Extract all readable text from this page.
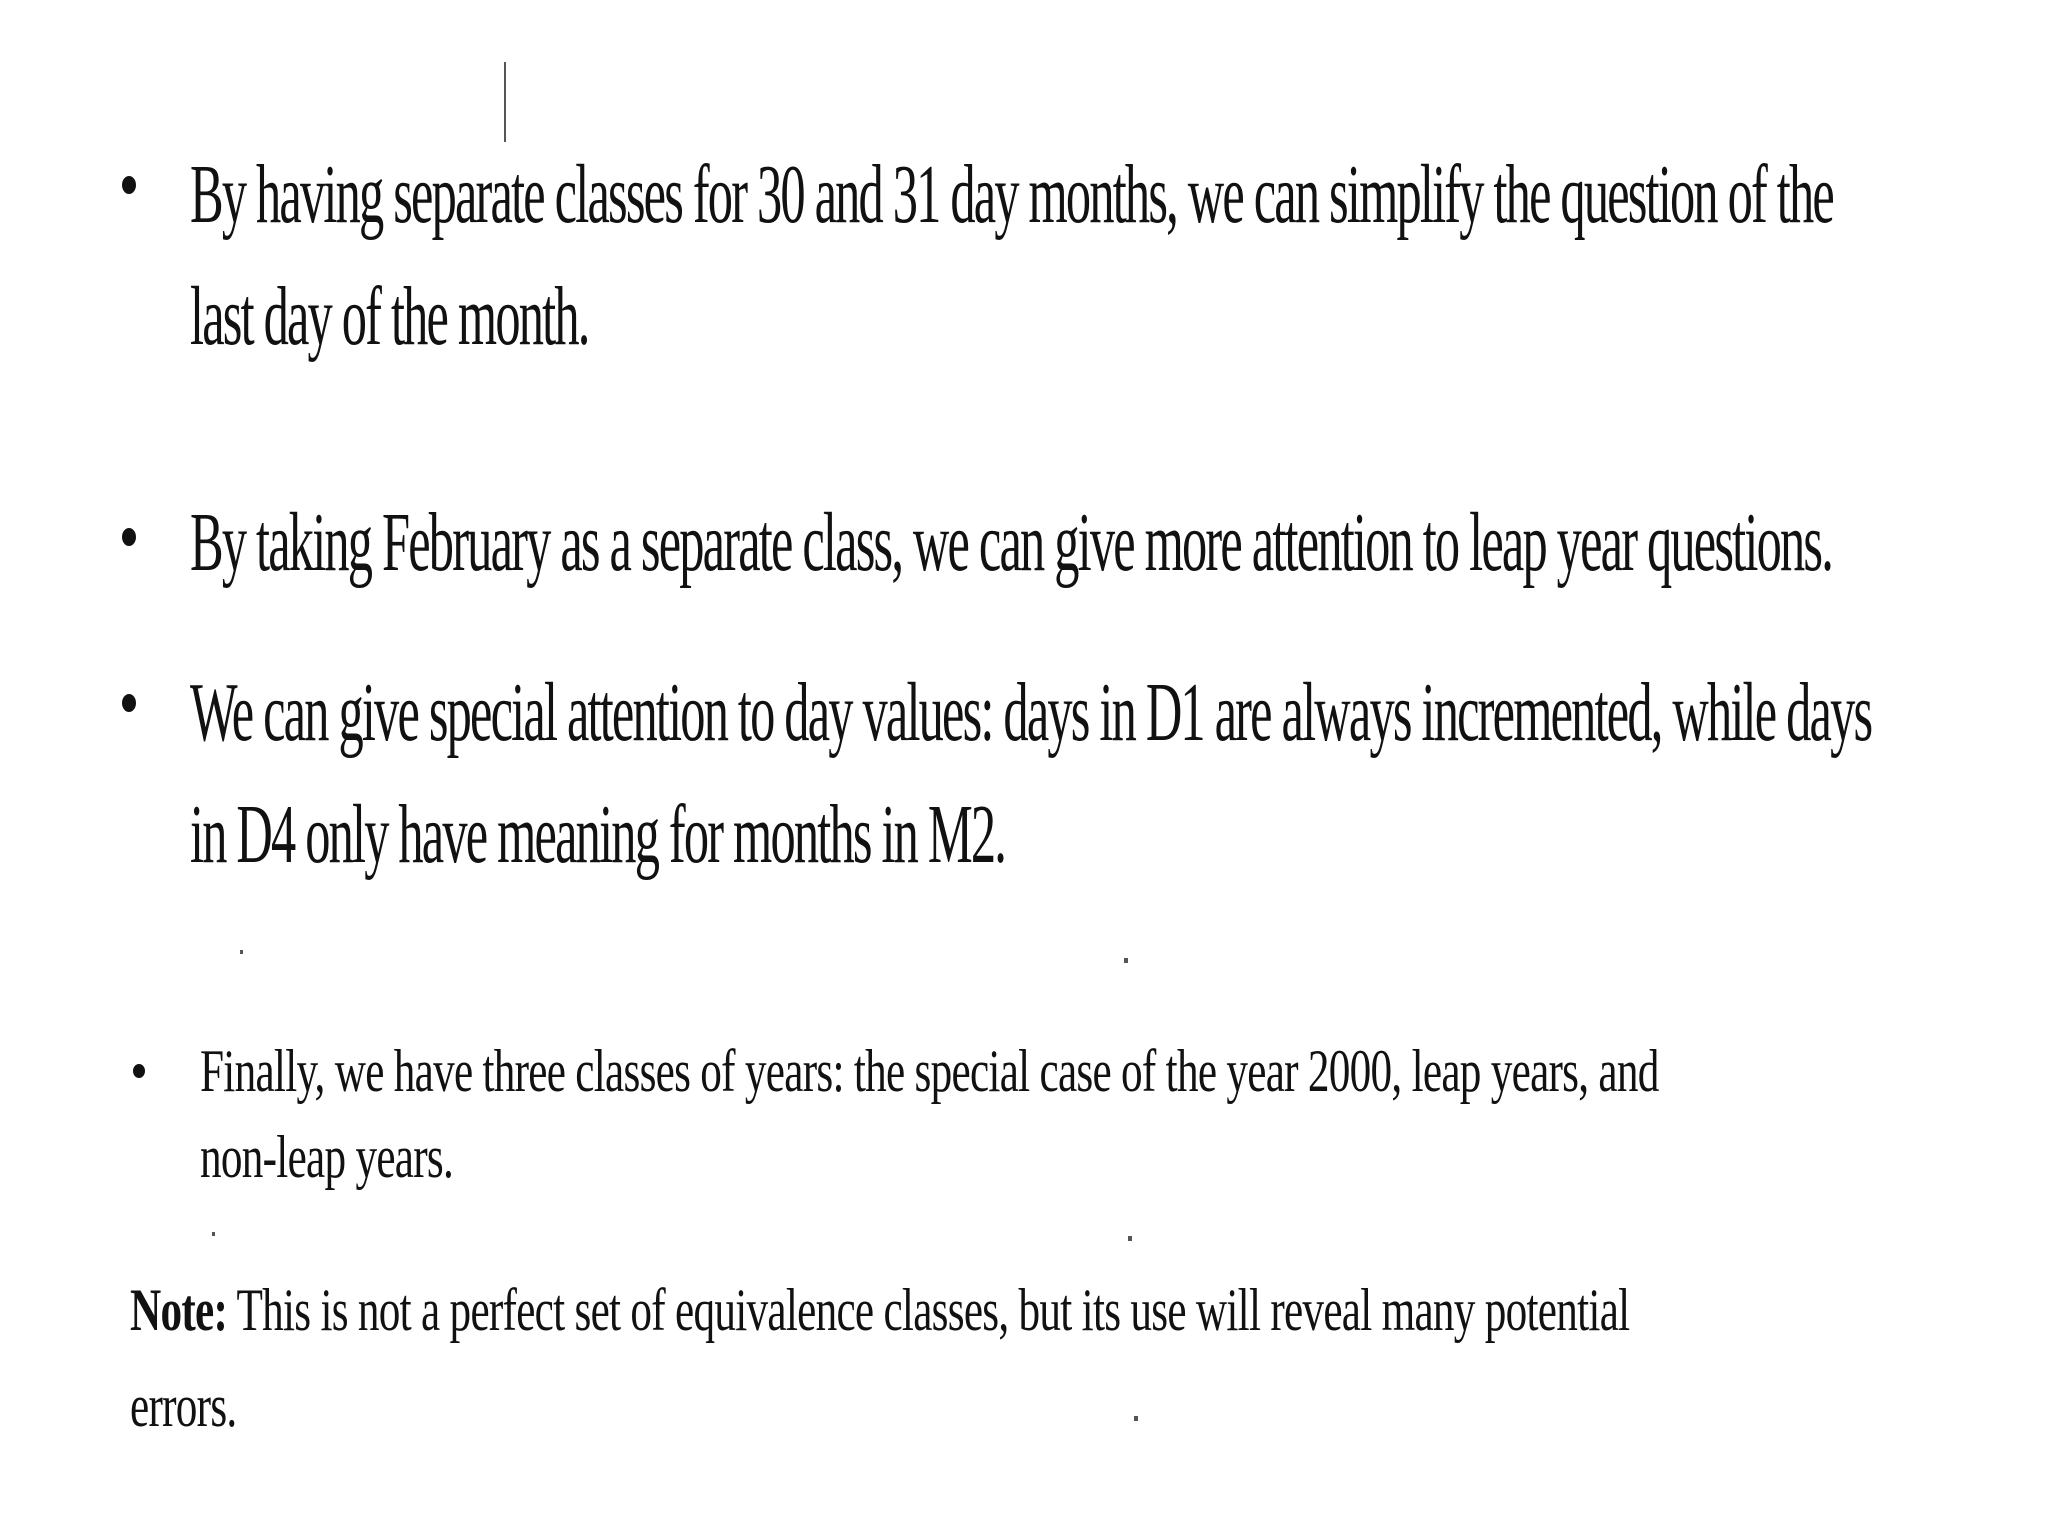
By having separate classes for 30 and 31 day months, we can simplify the question of the
last day of the month.
By taking February as a separate class, we can give more attention to leap year questions.
We can give special attention to day values: days in D1 are always incremented, while days
in D4 only have meaning for months in M2.
Finally, we have three classes of years: the special case of the year 2000, leap years, and
non-leap years.
Note: This is not a perfect set of equivalence classes, but its use will reveal many potential
errors.
